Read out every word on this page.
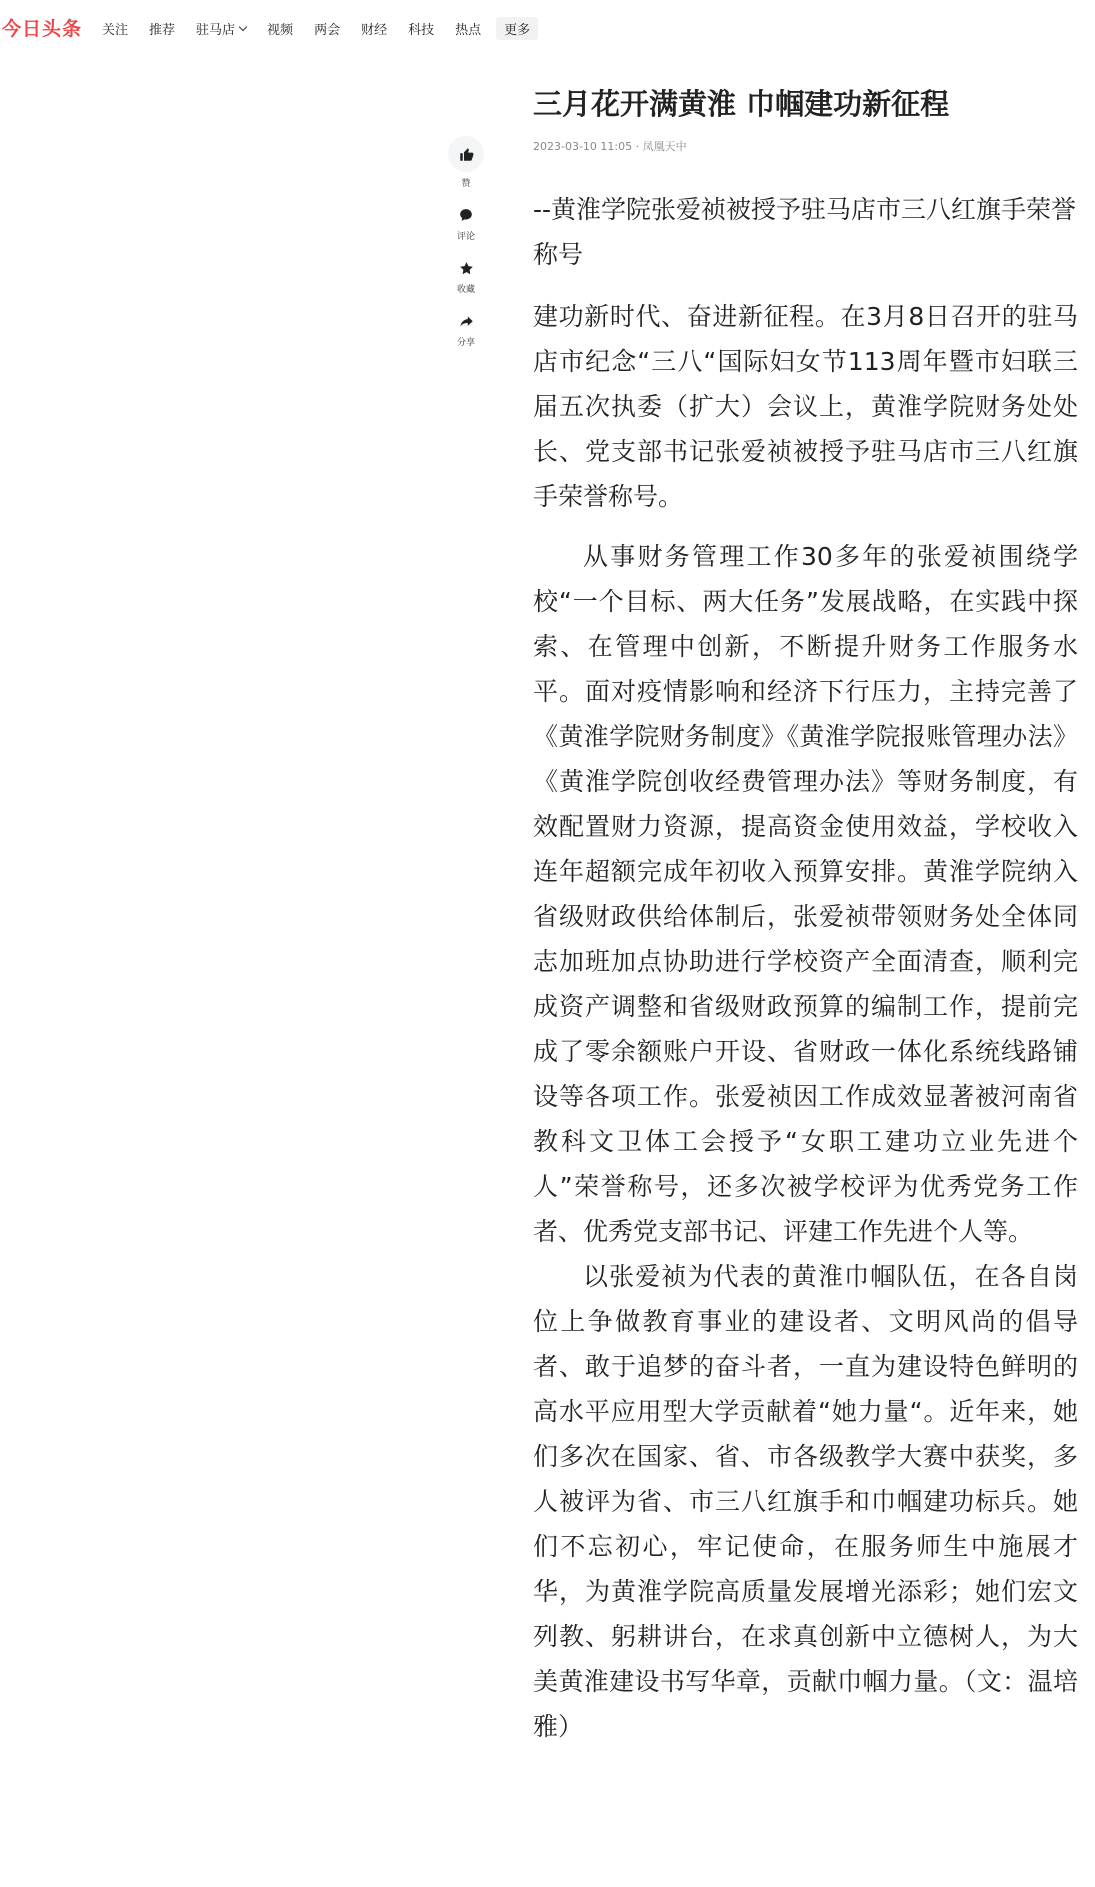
今日头条 关注 推荐 驻马店 视频 两会 财经 科技 热点	更多
赞
评论
收藏
分享
三月花开满黄淮 巾帼建功新征程
2023-03-10 11:05 · 凤凰天中

--黄淮学院张爱祯被授予驻马店市三八红旗手荣誉称号

建功新时代、奋进新征程。在3月8日召开的驻马店市纪念“三八“国际妇女节113周年暨市妇联三届五次执委（扩大）会议上，黄淮学院财务处处长、党支部书记张爱祯被授予驻马店市三八红旗手荣誉称号。

从事财务管理工作30多年的张爱祯围绕学校“一个目标、两大任务”发展战略，在实践中探索、在管理中创新，不断提升财务工作服务水平。面对疫情影响和经济下行压力，主持完善了《黄淮学院财务制度》《黄淮学院报账管理办法》《黄淮学院创收经费管理办法》等财务制度，有效配置财力资源，提高资金使用效益，学校收入连年超额完成年初收入预算安排。黄淮学院纳入省级财政供给体制后，张爱祯带领财务处全体同志加班加点协助进行学校资产全面清查，顺利完成资产调整和省级财政预算的编制工作，提前完成了零余额账户开设、省财政一体化系统线路铺设等各项工作。张爱祯因工作成效显著被河南省教科文卫体工会授予“女职工建功立业先进个人”荣誉称号，还多次被学校评为优秀党务工作者、优秀党支部书记、评建工作先进个人等。

以张爱祯为代表的黄淮巾帼队伍，在各自岗位上争做教育事业的建设者、文明风尚的倡导者、敢于追梦的奋斗者，一直为建设特色鲜明的高水平应用型大学贡献着“她力量“。近年来，她们多次在国家、省、市各级教学大赛中获奖，多人被评为省、市三八红旗手和巾帼建功标兵。她们不忘初心，牢记使命，在服务师生中施展才华，为黄淮学院高质量发展增光添彩；她们宏文列教、躬耕讲台，在求真创新中立德树人，为大美黄淮建设书写华章，贡献巾帼力量。（文：温培雅）
